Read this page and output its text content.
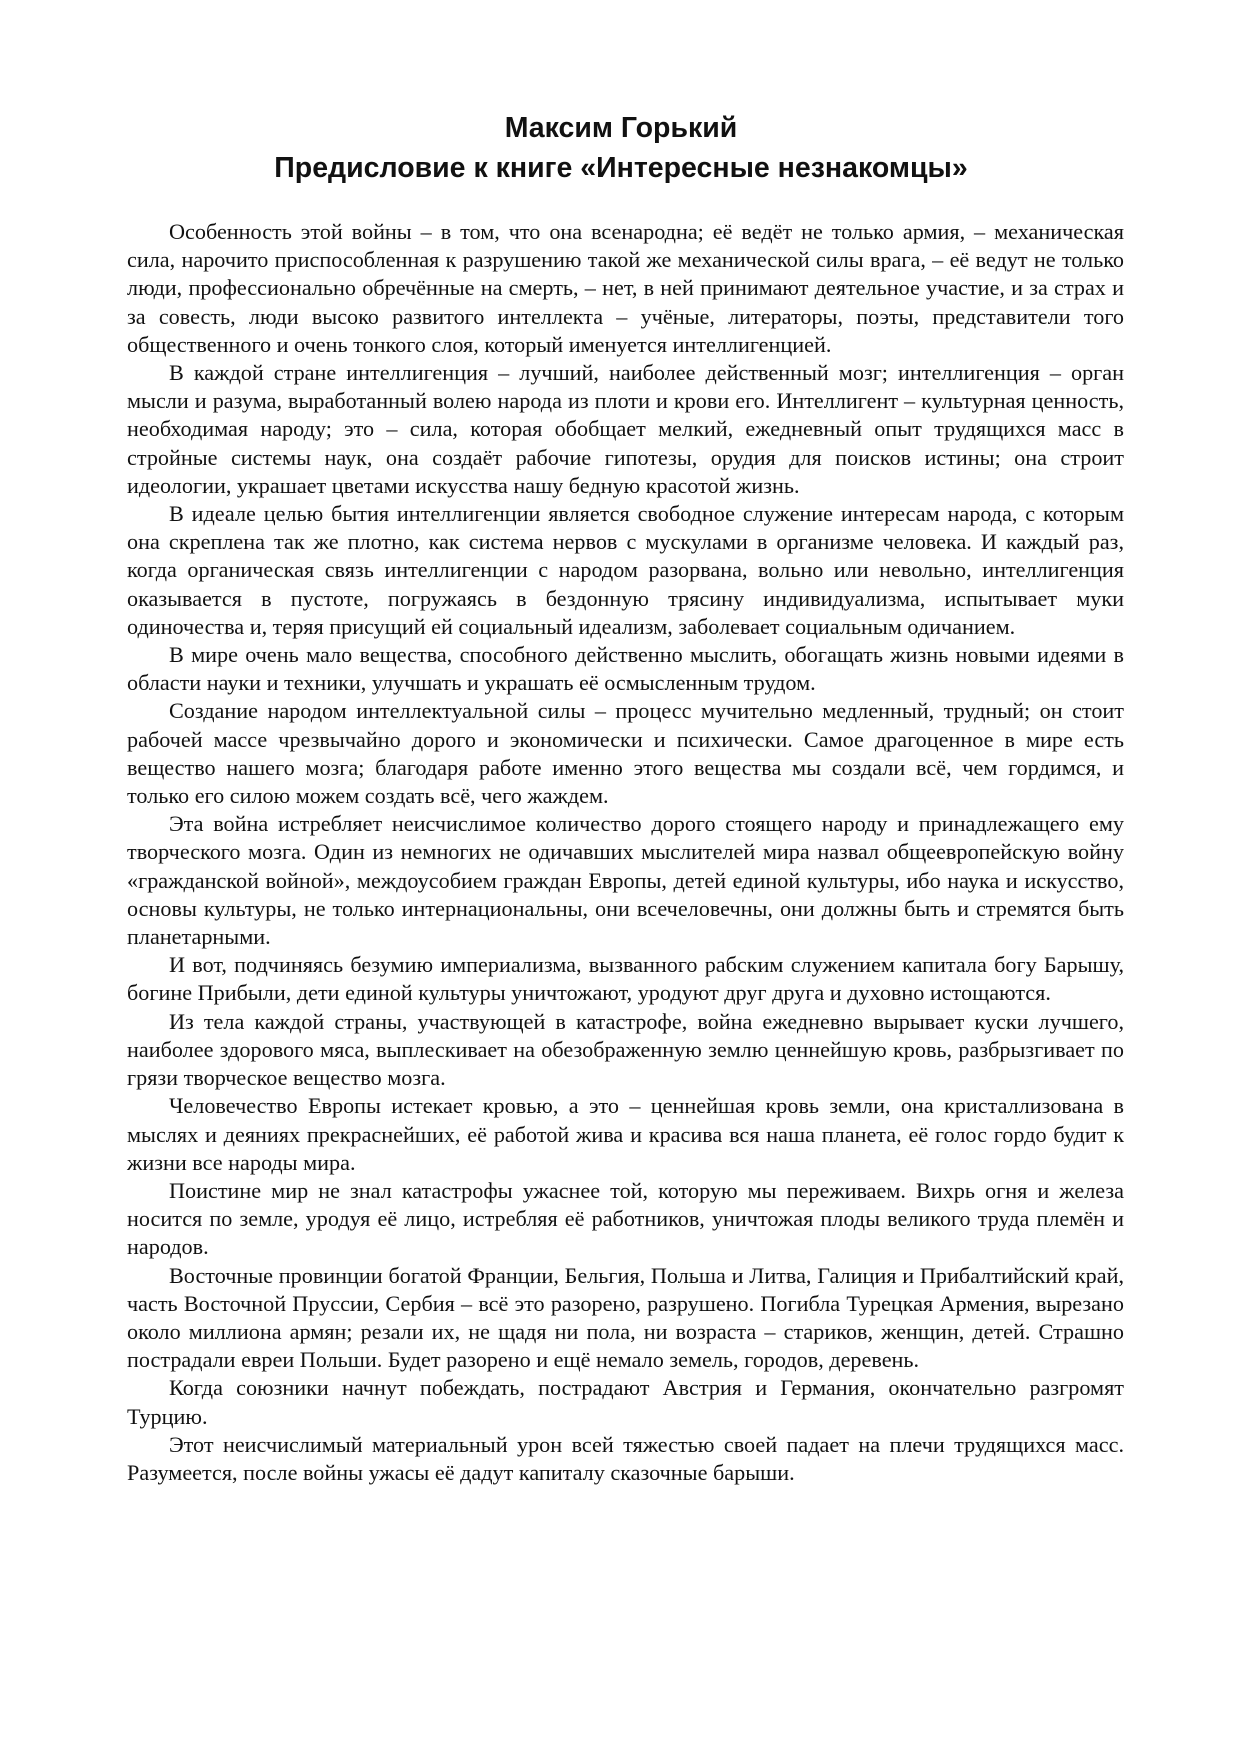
Максим Горький
Предисловие к книге «Интересные незнакомцы»

Особенность этой войны – в том, что она всенародна; её ведёт не только армия, – механическая сила, нарочито приспособленная к разрушению такой же механической силы врага, – её ведут не только люди, профессионально обречённые на смерть, – нет, в ней принимают деятельное участие, и за страх и за совесть, люди высоко развитого интеллекта – учёные, литераторы, поэты, представители того общественного и очень тонкого слоя, который именуется интеллигенцией.

В каждой стране интеллигенция – лучший, наиболее действенный мозг; интеллигенция – орган мысли и разума, выработанный волею народа из плоти и крови его. Интеллигент – культурная ценность, необходимая народу; это – сила, которая обобщает мелкий, ежедневный опыт трудящихся масс в стройные системы наук, она создаёт рабочие гипотезы, орудия для поисков истины; она строит идеологии, украшает цветами искусства нашу бедную красотой жизнь.

В идеале целью бытия интеллигенции является свободное служение интересам народа, с которым она скреплена так же плотно, как система нервов с мускулами в организме человека. И каждый раз, когда органическая связь интеллигенции с народом разорвана, вольно или невольно, интеллигенция оказывается в пустоте, погружаясь в бездонную трясину индивидуализма, испытывает муки одиночества и, теряя присущий ей социальный идеализм, заболевает социальным одичанием.

В мире очень мало вещества, способного действенно мыслить, обогащать жизнь новыми идеями в области науки и техники, улучшать и украшать её осмысленным трудом.

Создание народом интеллектуальной силы – процесс мучительно медленный, трудный; он стоит рабочей массе чрезвычайно дорого и экономически и психически. Самое драгоценное в мире есть вещество нашего мозга; благодаря работе именно этого вещества мы создали всё, чем гордимся, и только его силою можем создать всё, чего жаждем.

Эта война истребляет неисчислимое количество дорого стоящего народу и принадлежащего ему творческого мозга. Один из немногих не одичавших мыслителей мира назвал общеевропейскую войну «гражданской войной», междоусобием граждан Европы, детей единой культуры, ибо наука и искусство, основы культуры, не только интернациональны, они всечеловечны, они должны быть и стремятся быть планетарными.

И вот, подчиняясь безумию империализма, вызванного рабским служением капитала богу Барышу, богине Прибыли, дети единой культуры уничтожают, уродуют друг друга и духовно истощаются.

Из тела каждой страны, участвующей в катастрофе, война ежедневно вырывает куски лучшего, наиболее здорового мяса, выплескивает на обезображенную землю ценнейшую кровь, разбрызгивает по грязи творческое вещество мозга.

Человечество Европы истекает кровью, а это – ценнейшая кровь земли, она кристаллизована в мыслях и деяниях прекраснейших, её работой жива и красива вся наша планета, её голос гордо будит к жизни все народы мира.

Поистине мир не знал катастрофы ужаснее той, которую мы переживаем. Вихрь огня и железа носится по земле, уродуя её лицо, истребляя её работников, уничтожая плоды великого труда племён и народов.

Восточные провинции богатой Франции, Бельгия, Польша и Литва, Галиция и Прибалтийский край, часть Восточной Пруссии, Сербия – всё это разорено, разрушено. Погибла Турецкая Армения, вырезано около миллиона армян; резали их, не щадя ни пола, ни возраста – стариков, женщин, детей. Страшно пострадали евреи Польши. Будет разорено и ещё немало земель, городов, деревень.

Когда союзники начнут побеждать, пострадают Австрия и Германия, окончательно разгромят Турцию.

Этот неисчислимый материальный урон всей тяжестью своей падает на плечи трудящихся масс. Разумеется, после войны ужасы её дадут капиталу сказочные барыши.
